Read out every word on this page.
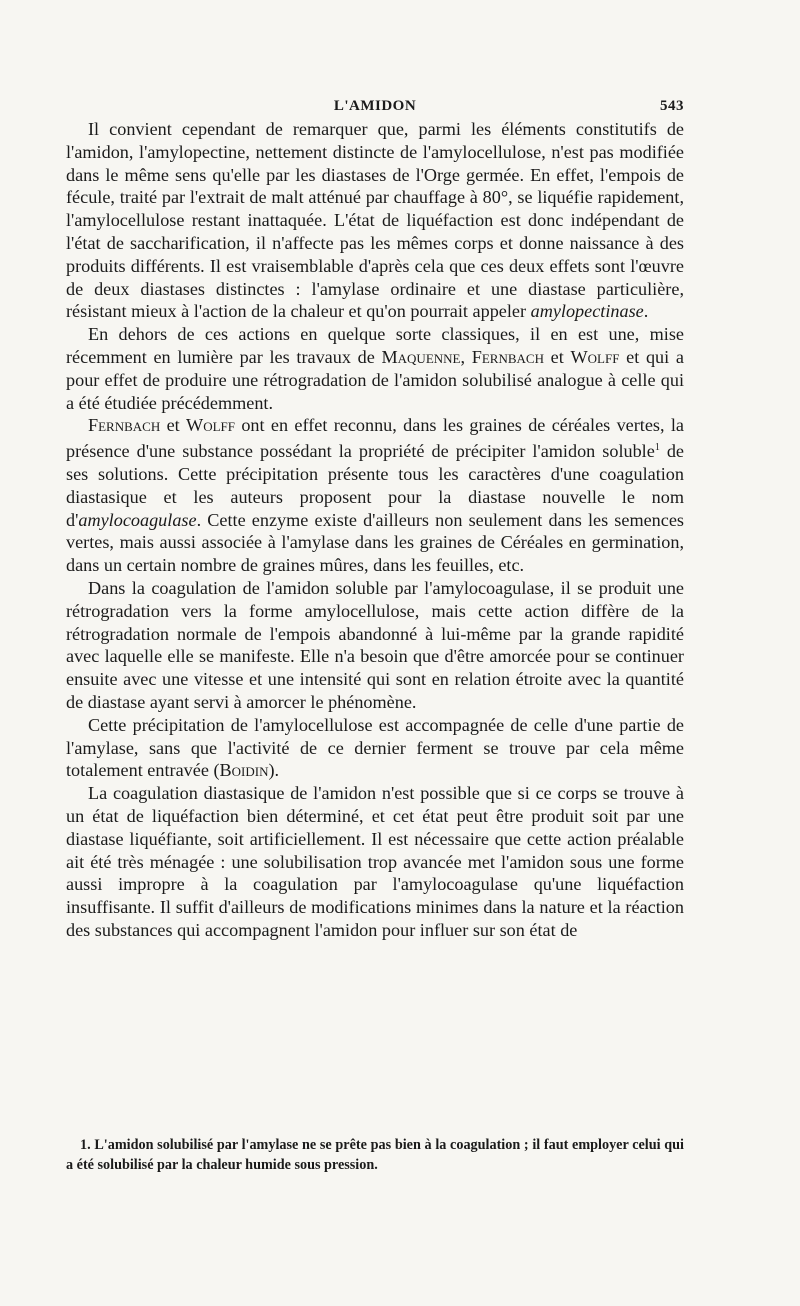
L'AMIDON	543

Il convient cependant de remarquer que, parmi les éléments constitutifs de l'amidon, l'amylopectine, nettement distincte de l'amylocellulose, n'est pas modifiée dans le même sens qu'elle par les diastases de l'Orge germée. En effet, l'empois de fécule, traité par l'extrait de malt atténué par chauffage à 80°, se liquéfie rapidement, l'amylocellulose restant inattaquée. L'état de liquéfaction est donc indépendant de l'état de saccharification, il n'affecte pas les mêmes corps et donne naissance à des produits différents. Il est vraisemblable d'après cela que ces deux effets sont l'œuvre de deux diastases distinctes : l'amylase ordinaire et une diastase particulière, résistant mieux à l'action de la chaleur et qu'on pourrait appeler amylopectinase.

En dehors de ces actions en quelque sorte classiques, il en est une, mise récemment en lumière par les travaux de Maquenne, Fernbach et Wolff et qui a pour effet de produire une rétrogradation de l'amidon solubilisé analogue à celle qui a été étudiée précédemment.

Fernbach et Wolff ont en effet reconnu, dans les graines de céréales vertes, la présence d'une substance possédant la propriété de précipiter l'amidon soluble$^1$ de ses solutions. Cette précipitation présente tous les caractères d'une coagulation diastasique et les auteurs proposent pour la diastase nouvelle le nom d'amylocoagulase. Cette enzyme existe d'ailleurs non seulement dans les semences vertes, mais aussi associée à l'amylase dans les graines de Céréales en germination, dans un certain nombre de graines mûres, dans les feuilles, etc.

Dans la coagulation de l'amidon soluble par l'amylocoagulase, il se produit une rétrogradation vers la forme amylocellulose, mais cette action diffère de la rétrogradation normale de l'empois abandonné à lui-même par la grande rapidité avec laquelle elle se manifeste. Elle n'a besoin que d'être amorcée pour se continuer ensuite avec une vitesse et une intensité qui sont en relation étroite avec la quantité de diastase ayant servi à amorcer le phénomène.

Cette précipitation de l'amylocellulose est accompagnée de celle d'une partie de l'amylase, sans que l'activité de ce dernier ferment se trouve par cela même totalement entravée (Boidin).

La coagulation diastasique de l'amidon n'est possible que si ce corps se trouve à un état de liquéfaction bien déterminé, et cet état peut être produit soit par une diastase liquéfiante, soit artificiellement. Il est nécessaire que cette action préalable ait été très ménagée : une solubilisation trop avancée met l'amidon sous une forme aussi impropre à la coagulation par l'amylocoagulase qu'une liquéfaction insuffisante. Il suffit d'ailleurs de modifications minimes dans la nature et la réaction des substances qui accompagnent l'amidon pour influer sur son état de

1. L'amidon solubilisé par l'amylase ne se prête pas bien à la coagulation ; il faut employer celui qui a été solubilisé par la chaleur humide sous pression.
